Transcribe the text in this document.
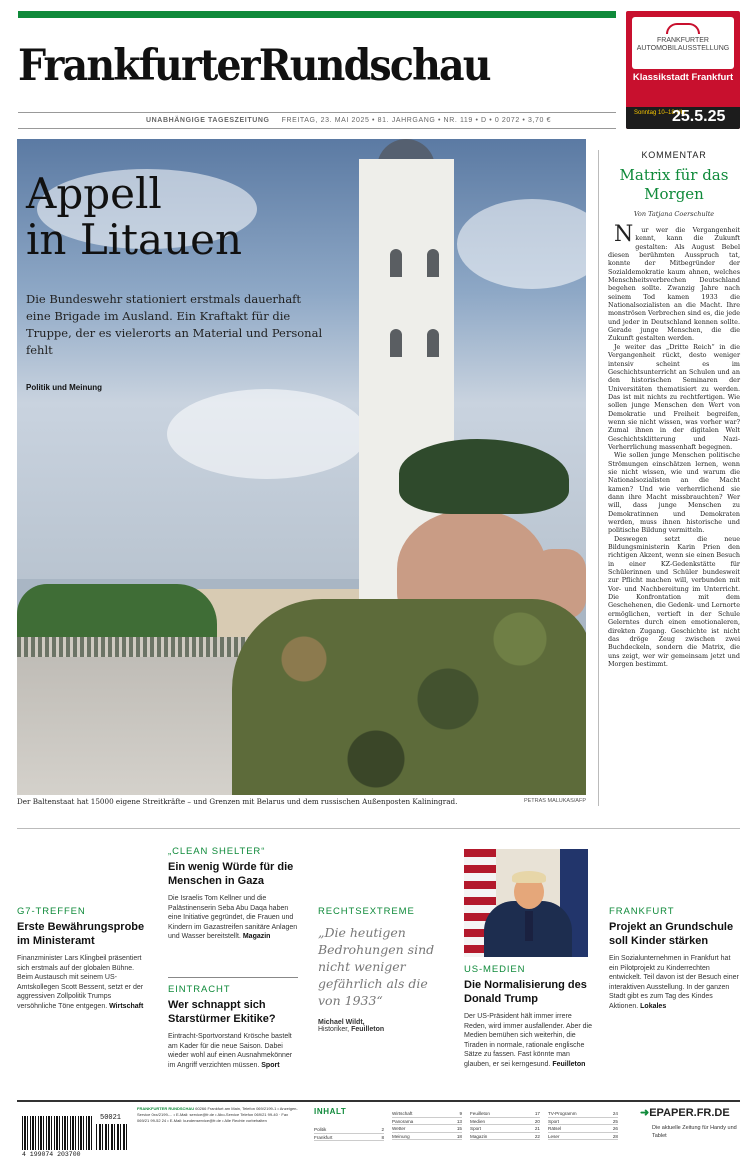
FrankfurterRundschau
UNABHÄNGIGE TAGESZEITUNG FREITAG, 23. MAI 2025 • 81. JAHRGANG • NR. 119 • D • 0 2072 • 3,70 €
FRANKFURTER AUTOMOBILAUSSTELLUNG
Klassikstadt Frankfurt
Sonntag 10–18 Uhr
25.5.25
Appell
in Litauen

Die Bundeswehr stationiert erstmals dauerhaft eine Brigade im Ausland. Ein Kraftakt für die Truppe, der es vielerorts an Material und Personal fehlt

Politik und Meinung

Der Baltenstaat hat 15000 eigene Streitkräfte – und Grenzen mit Belarus und dem russischen Außenposten Kaliningrad.	PETRAS MALUKAS/AFP
KOMMENTAR
Matrix für das Morgen
Von Tatjana Coerschulte

Nur wer die Vergangenheit kennt, kann die Zukunft gestalten: Als August Bebel diesen berühmten Ausspruch tat, konnte der Mitbegründer der Sozialdemokratie kaum ahnen, welches Menschheitsverbrechen Deutschland begehen sollte. Zwanzig Jahre nach seinem Tod kamen 1933 die Nationalsozialisten an die Macht. Ihre monströsen Verbrechen sind es, die jede und jeder in Deutschland kennen sollte. Gerade junge Menschen, die die Zukunft gestalten werden.

Je weiter das „Dritte Reich“ in die Vergangenheit rückt, desto weniger intensiv scheint es im Geschichtsunterricht an Schulen und an den historischen Seminaren der Universitäten thematisiert zu werden. Das ist mit nichts zu rechtfertigen. Wie sollen junge Menschen den Wert von Demokratie und Freiheit begreifen, wenn sie nicht wissen, was vorher war? Zumal ihnen in der digitalen Welt Geschichtsklitterung und Nazi-Verherrlichung massenhaft begegnen.

Wie sollen junge Menschen politische Strömungen einschätzen lernen, wenn sie nicht wissen, wie und warum die Nationalsozialisten an die Macht kamen? Und wie verherrlichend sie dann ihre Macht missbrauchten? Wer will, dass junge Menschen zu Demokratinnen und Demokraten werden, muss ihnen historische und politische Bildung vermitteln.

Deswegen setzt die neue Bildungsministerin Karin Prien den richtigen Akzent, wenn sie einen Besuch in einer KZ-Gedenkstätte für Schülerinnen und Schüler bundesweit zur Pflicht machen will, verbunden mit Vor- und Nachbereitung im Unterricht. Die Konfrontation mit dem Geschehenen, die Gedenk- und Lernorte ermöglichen, vertieft in der Schule Gelerntes durch einen emotionaleren, direkten Zugang. Geschichte ist nicht das dröge Zeug zwischen zwei Buchdeckeln, sondern die Matrix, die uns zeigt, wer wir gemeinsam jetzt und Morgen bestimmt.

G7-TREFFEN
Erste Bewährungsprobe im Ministeramt
Finanzminister Lars Klingbeil präsentiert sich erstmals auf der globalen Bühne. Beim Austausch mit seinem US-Amtskollegen Scott Bessent, setzt er der aggressiven Zollpolitik Trumps versöhnliche Töne entgegen. Wirtschaft
„CLEAN SHELTER“
Ein wenig Würde für die Menschen in Gaza
Die Israelis Tom Kellner und die Palästinenserin Seba Abu Daqa haben eine Initiative gegründet, die Frauen und Kindern im Gazastreifen sanitäre Anlagen und Wasser bereitstellt. Magazin
EINTRACHT
Wer schnappt sich Starstürmer Ekitike?
Eintracht-Sportvorstand Krösche bastelt am Kader für die neue Saison. Dabei wieder wohl auf einen Ausnahmekönner im Angriff verzichten müssen. Sport
RECHTSEXTREME
„Die heutigen Bedrohungen sind nicht weniger gefährlich als die von 1933“
Michael Wildt,
Historiker, Feuilleton
US-MEDIEN
Die Normalisierung des Donald Trump
Der US-Präsident hält immer irrere Reden, wird immer ausfallender. Aber die Medien bemühen sich weiterhin, die Tiraden in normale, rationale englische Sätze zu fassen. Fast könnte man glauben, er sei kerngesund. Feuilleton
FRANKFURT
Projekt an Grundschule soll Kinder stärken
Ein Sozialunternehmen in Frankfurt hat ein Pilotprojekt zu Kinderrechten entwickelt. Teil davon ist der Besuch einer interaktiven Ausstellung. In der ganzen Stadt gibt es zum Tag des Kindes Aktionen. Lokales
50021
4 199074 203700
FRANKFURTER RUNDSCHAU 60266 Frankfurt am Main, Telefon 069/2199-1 • Anzeigen-Service 0xx/2199-... • E-Mail: service@fr.de • Abo-Service Telefon 069/21 99-40 · Fax 069/21 99-52 24 • E-Mail: kundenservice@fr.de • Alle Rechte vorbehalten
INHALT
Politik	2
Frankfurt	8
Wirtschaft	9
Panorama	13
Wetter	15
Meinung	18
Feuilleton	17
Medien	20
Sport	21
Magazin	22
TV-Programm	24
Sport	25
Rätsel	26
Leser	28
➜EPAPER.FR.DE
Die aktuelle Zeitung für Handy und Tablet
